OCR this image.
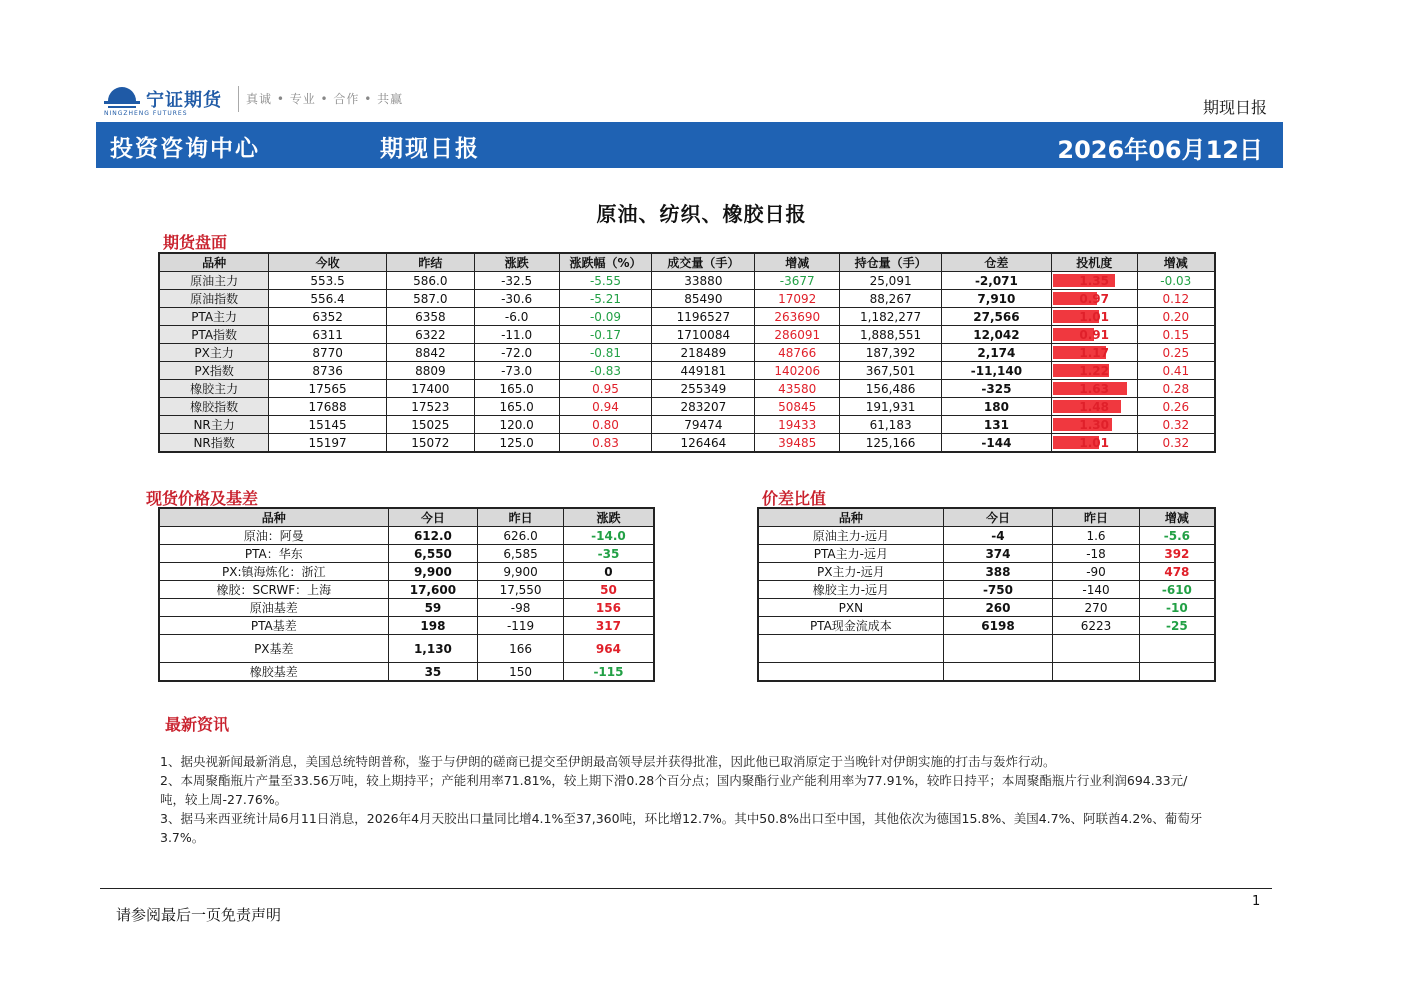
宁证期货
NINGZHENG FUTURES
真诚 • 专业 • 合作 • 共赢	期现日报
投资咨询中心	期现日报	2026年06月12日
原油、纺织、橡胶日报
期货盘面
品种	今收	昨结	涨跌	涨跌幅（%）	成交量（手）	增减	持仓量（手）	仓差	投机度	增减
原油主力	553.5	586.0	-32.5	-5.55	33880	-3677	25,091	-2,071	1.35	-0.03
原油指数	556.4	587.0	-30.6	-5.21	85490	17092	88,267	7,910	0.97	0.12
PTA主力	6352	6358	-6.0	-0.09	1196527	263690	1,182,277	27,566	1.01	0.20
PTA指数	6311	6322	-11.0	-0.17	1710084	286091	1,888,551	12,042	0.91	0.15
PX主力	8770	8842	-72.0	-0.81	218489	48766	187,392	2,174	1.17	0.25
PX指数	8736	8809	-73.0	-0.83	449181	140206	367,501	-11,140	1.22	0.41
橡胶主力	17565	17400	165.0	0.95	255349	43580	156,486	-325	1.63	0.28
橡胶指数	17688	17523	165.0	0.94	283207	50845	191,931	180	1.48	0.26
NR主力	15145	15025	120.0	0.80	79474	19433	61,183	131	1.30	0.32
NR指数	15197	15072	125.0	0.83	126464	39485	125,166	-144	1.01	0.32
现货价格及基差
品种	今日	昨日	涨跌
原油：阿曼	612.0	626.0	-14.0
PTA：华东	6,550	6,585	-35
PX:镇海炼化：浙江	9,900	9,900	0
橡胶：SCRWF：上海	17,600	17,550	50
原油基差	59	-98	156
PTA基差	198	-119	317
PX基差	1,130	166	964
橡胶基差	35	150	-115
价差比值
品种	今日	昨日	增减
原油主力-远月	-4	1.6	-5.6
PTA主力-远月	374	-18	392
PX主力-远月	388	-90	478
橡胶主力-远月	-750	-140	-610
PXN	260	270	-10
PTA现金流成本	6198	6223	-25

最新资讯

1、据央视新闻最新消息，美国总统特朗普称，鉴于与伊朗的磋商已提交至伊朗最高领导层并获得批准，因此他已取消原定于当晚针对伊朗实施的打击与轰炸行动。

2、本周聚酯瓶片产量至33.56万吨，较上期持平；产能利用率71.81%，较上期下滑0.28个百分点；国内聚酯行业产能利用率为77.91%，较昨日持平；本周聚酯瓶片行业利润694.33元/吨，较上周-27.76%。

3、据马来西亚统计局6月11日消息，2026年4月天胶出口量同比增4.1%至37,360吨，环比增12.7%。其中50.8%出口至中国，其他依次为德国15.8%、美国4.7%、阿联酋4.2%、葡萄牙3.7%。

请参阅最后一页免责声明
1
